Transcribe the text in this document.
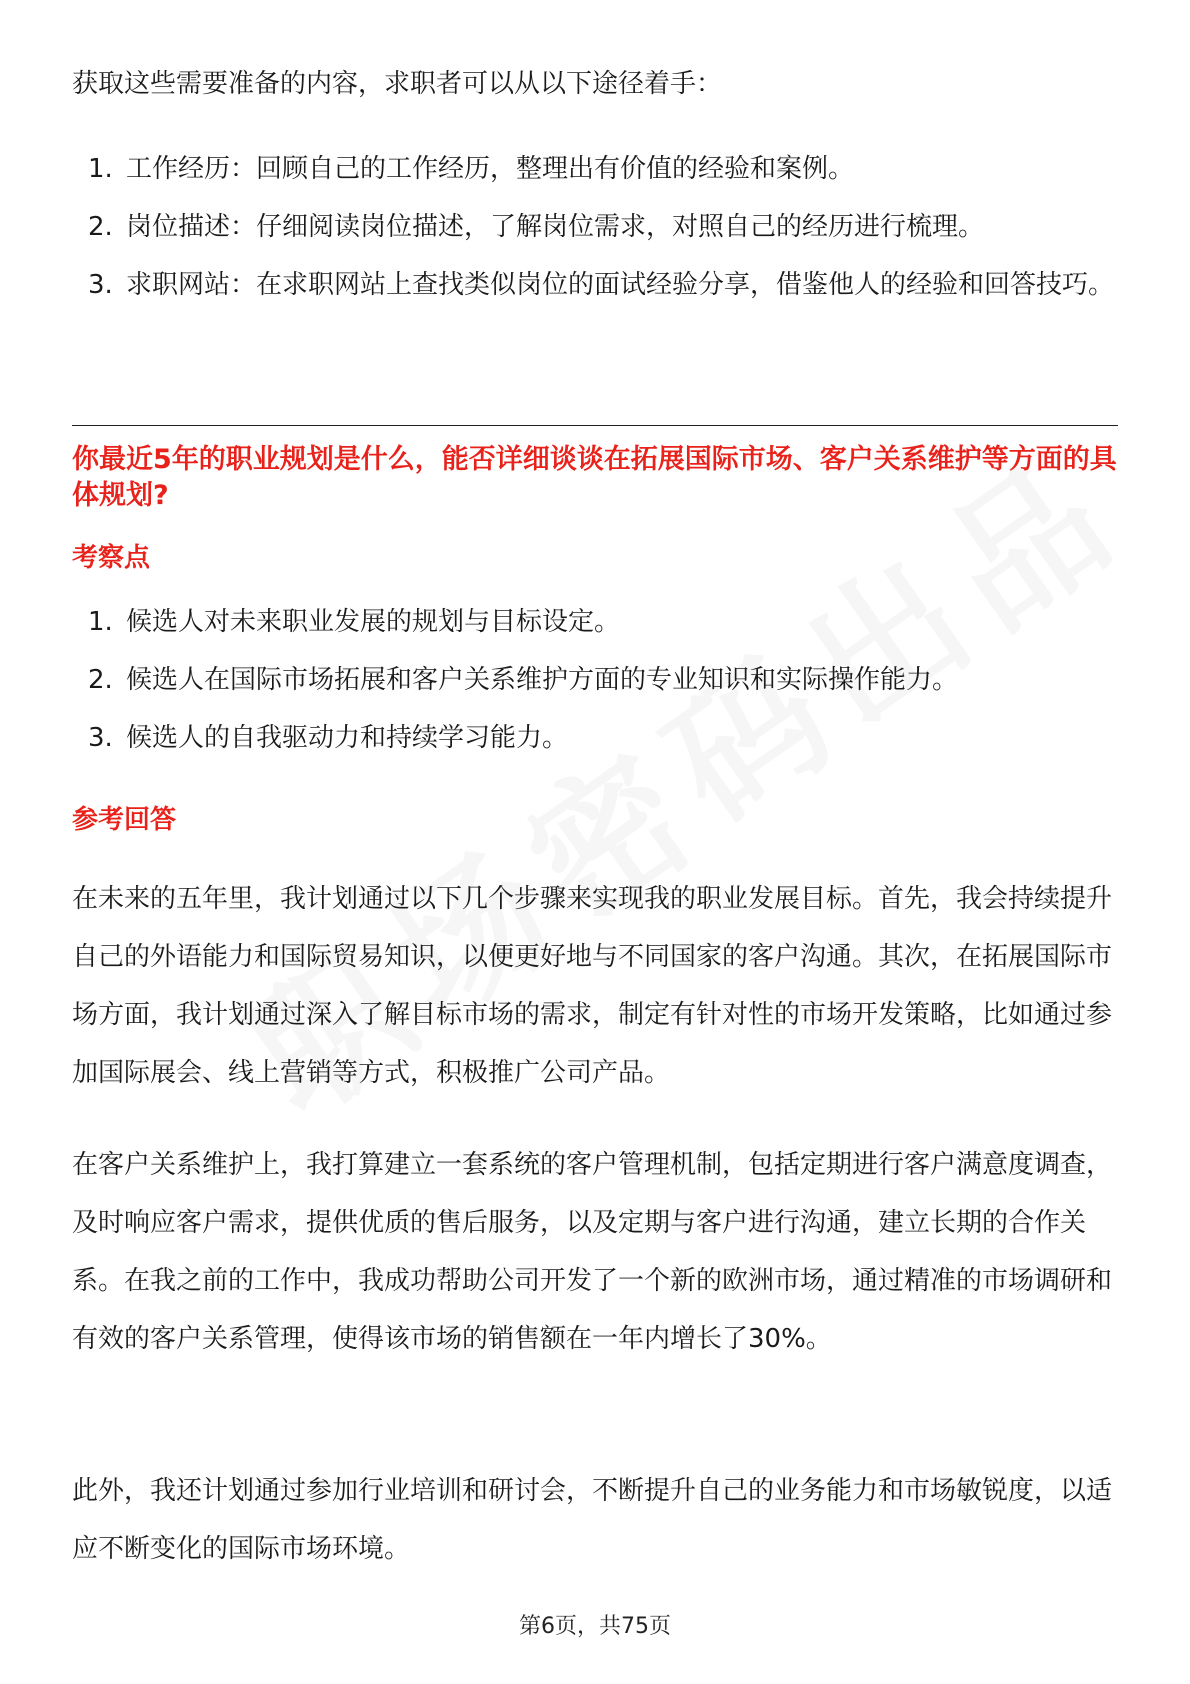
获取这些需要准备的内容，求职者可以从以下途径着手：

1. 工作经历：回顾自己的工作经历，整理出有价值的经验和案例。
2. 岗位描述：仔细阅读岗位描述，了解岗位需求，对照自己的经历进行梳理。
3. 求职网站：在求职网站上查找类似岗位的面试经验分享，借鉴他人的经验和回答技巧。

你最近5年的职业规划是什么，能否详细谈谈在拓展国际市场、客户关系维护等方面的具体规划?

考察点

1. 候选人对未来职业发展的规划与目标设定。
2. 候选人在国际市场拓展和客户关系维护方面的专业知识和实际操作能力。
3. 候选人的自我驱动力和持续学习能力。

参考回答

在未来的五年里，我计划通过以下几个步骤来实现我的职业发展目标。首先，我会持续提升自己的外语能力和国际贸易知识，以便更好地与不同国家的客户沟通。其次，在拓展国际市场方面，我计划通过深入了解目标市场的需求，制定有针对性的市场开发策略，比如通过参加国际展会、线上营销等方式，积极推广公司产品。

在客户关系维护上，我打算建立一套系统的客户管理机制，包括定期进行客户满意度调查，及时响应客户需求，提供优质的售后服务，以及定期与客户进行沟通，建立长期的合作关系。在我之前的工作中，我成功帮助公司开发了一个新的欧洲市场，通过精准的市场调研和有效的客户关系管理，使得该市场的销售额在一年内增长了30%。

此外，我还计划通过参加行业培训和研讨会，不断提升自己的业务能力和市场敏锐度，以适应不断变化的国际市场环境。

第6页，共75页
